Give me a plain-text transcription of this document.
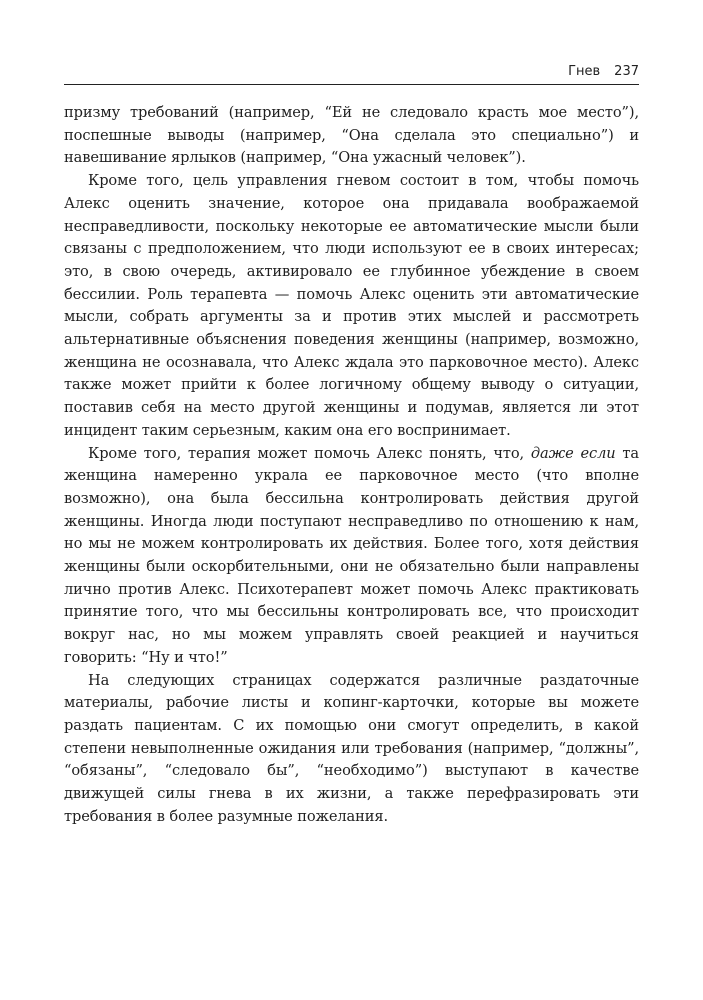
Гнев 237

призму требований (например, “Ей не следовало красть мое место”), поспешные выводы (например, “Она сделала это специально”) и навешивание ярлыков (например, “Она ужасный человек”).

Кроме того, цель управления гневом состоит в том, чтобы помочь Алекс оценить значение, которое она придавала воображаемой несправедливости, поскольку некоторые ее автоматические мысли были связаны с предположением, что люди используют ее в своих интересах; это, в свою очередь, активировало ее глубинное убеждение в своем бессилии. Роль терапевта — помочь Алекс оценить эти автоматические мысли, собрать аргументы за и против этих мыслей и рассмотреть альтернативные объяснения поведения женщины (например, возможно, женщина не осознавала, что Алекс ждала это парковочное место). Алекс также может прийти к более логичному общему выводу о ситуации, поставив себя на место другой женщины и подумав, является ли этот инцидент таким серьезным, каким она его воспринимает.

Кроме того, терапия может помочь Алекс понять, что, даже если та женщина намеренно украла ее парковочное место (что вполне возможно), она была бессильна контролировать действия другой женщины. Иногда люди поступают несправедливо по отношению к нам, но мы не можем контролировать их действия. Более того, хотя действия женщины были оскорбительными, они не обязательно были направлены лично против Алекс. Психотерапевт может помочь Алекс практиковать принятие того, что мы бессильны контролировать все, что происходит вокруг нас, но мы можем управлять своей реакцией и научиться говорить: “Ну и что!”

На следующих страницах содержатся различные раздаточные материалы, рабочие листы и копинг-карточки, которые вы можете раздать пациентам. С их помощью они смогут определить, в какой степени невыполненные ожидания или требования (например, “должны”, “обязаны”, “следовало бы”, “необходимо”) выступают в качестве движущей силы гнева в их жизни, а также перефразировать эти требования в более разумные пожелания.
